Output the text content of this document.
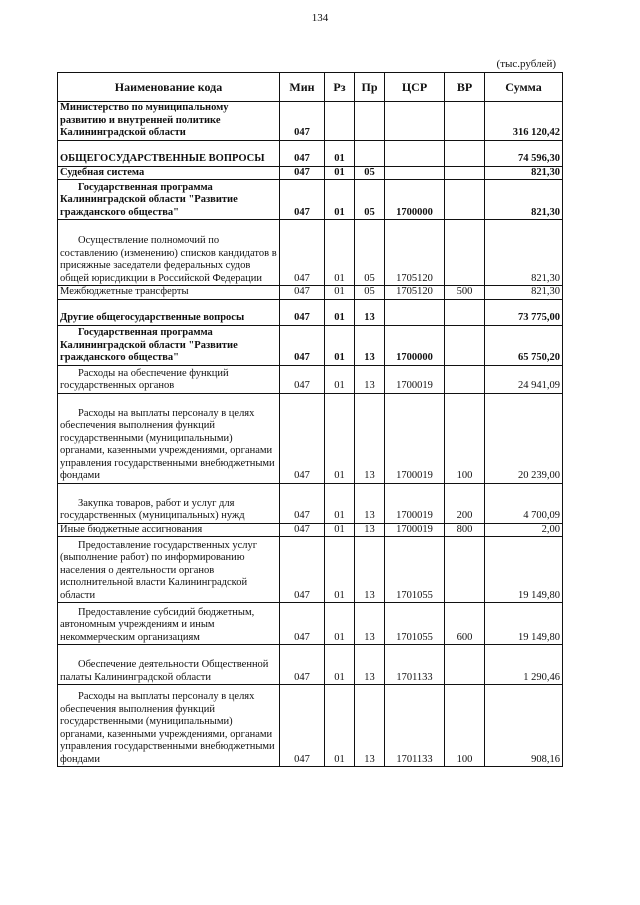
134
(тыс.рублей)
Наименование кода	Мин	Рз	Пр	ЦСР	ВР	Сумма
Министерство по муниципальному развитию и внутренней политике Калининградской области	047					316 120,42
ОБЩЕГОСУДАРСТВЕННЫЕ ВОПРОСЫ	047	01				74 596,30
Судебная система	047	01	05			821,30
Государственная программа Калининградской области "Развитие гражданского общества"	047	01	05	1700000		821,30
Осуществление полномочий по составлению (изменению) списков кандидатов в присяжные заседатели федеральных судов общей юрисдикции в Российской Федерации	047	01	05	1705120		821,30
Межбюджетные трансферты	047	01	05	1705120	500	821,30
Другие общегосударственные вопросы	047	01	13			73 775,00
Государственная программа Калининградской области "Развитие гражданского общества"	047	01	13	1700000		65 750,20
Расходы на обеспечение функций государственных органов	047	01	13	1700019		24 941,09
Расходы на выплаты персоналу в целях обеспечения выполнения функций государственными (муниципальными) органами, казенными учреждениями, органами управления государственными внебюджетными фондами	047	01	13	1700019	100	20 239,00
Закупка товаров, работ и услуг для государственных (муниципальных) нужд	047	01	13	1700019	200	4 700,09
Иные бюджетные ассигнования	047	01	13	1700019	800	2,00
Предоставление государственных услуг (выполнение работ) по информированию населения о деятельности органов исполнительной власти Калининградской области	047	01	13	1701055		19 149,80
Предоставление субсидий бюджетным, автономным учреждениям и иным некоммерческим организациям	047	01	13	1701055	600	19 149,80
Обеспечение деятельности Общественной палаты Калининградской области	047	01	13	1701133		1 290,46
Расходы на выплаты персоналу в целях обеспечения выполнения функций государственными (муниципальными) органами, казенными учреждениями, органами управления государственными внебюджетными фондами	047	01	13	1701133	100	908,16
